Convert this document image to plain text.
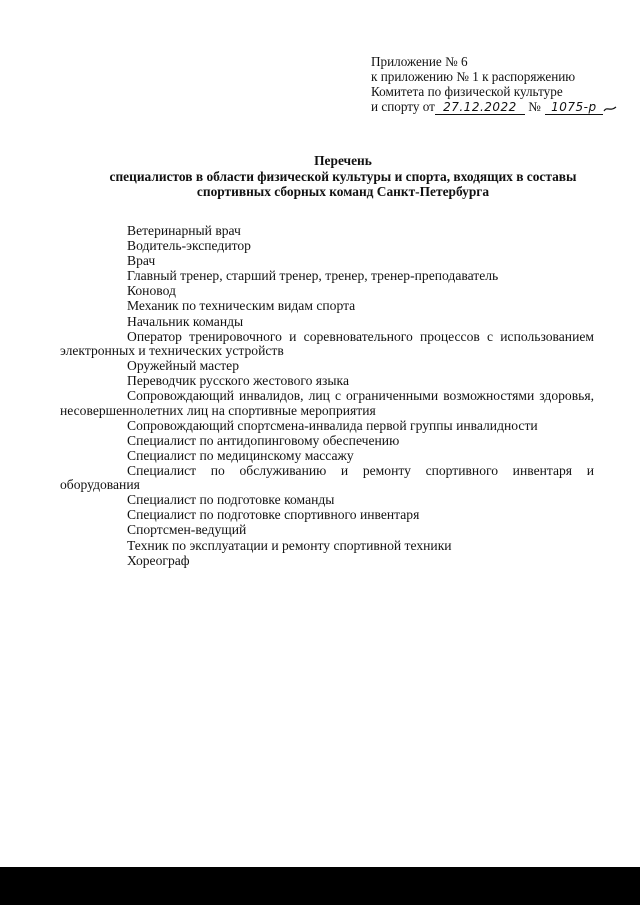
Приложение № 6
к приложению № 1 к распоряжению
Комитета по физической культуре
и спорту от 27.12.2022 № 1075-р
Перечень
специалистов в области физической культуры и спорта, входящих в составы
спортивных сборных команд Санкт-Петербурга
Ветеринарный врач
Водитель-экспедитор
Врач
Главный тренер, старший тренер, тренер, тренер-преподаватель
Коновод
Механик по техническим видам спорта
Начальник команды
Оператор тренировочного и соревновательного процессов с использованием электронных и технических устройств
Оружейный мастер
Переводчик русского жестового языка
Сопровождающий инвалидов, лиц с ограниченными возможностями здоровья, несовершеннолетних лиц на спортивные мероприятия
Сопровождающий спортсмена-инвалида первой группы инвалидности
Специалист по антидопинговому обеспечению
Специалист по медицинскому массажу
Специалист по обслуживанию и ремонту спортивного инвентаря и оборудования
Специалист по подготовке команды
Специалист по подготовке спортивного инвентаря
Спортсмен-ведущий
Техник по эксплуатации и ремонту спортивной техники
Хореограф
